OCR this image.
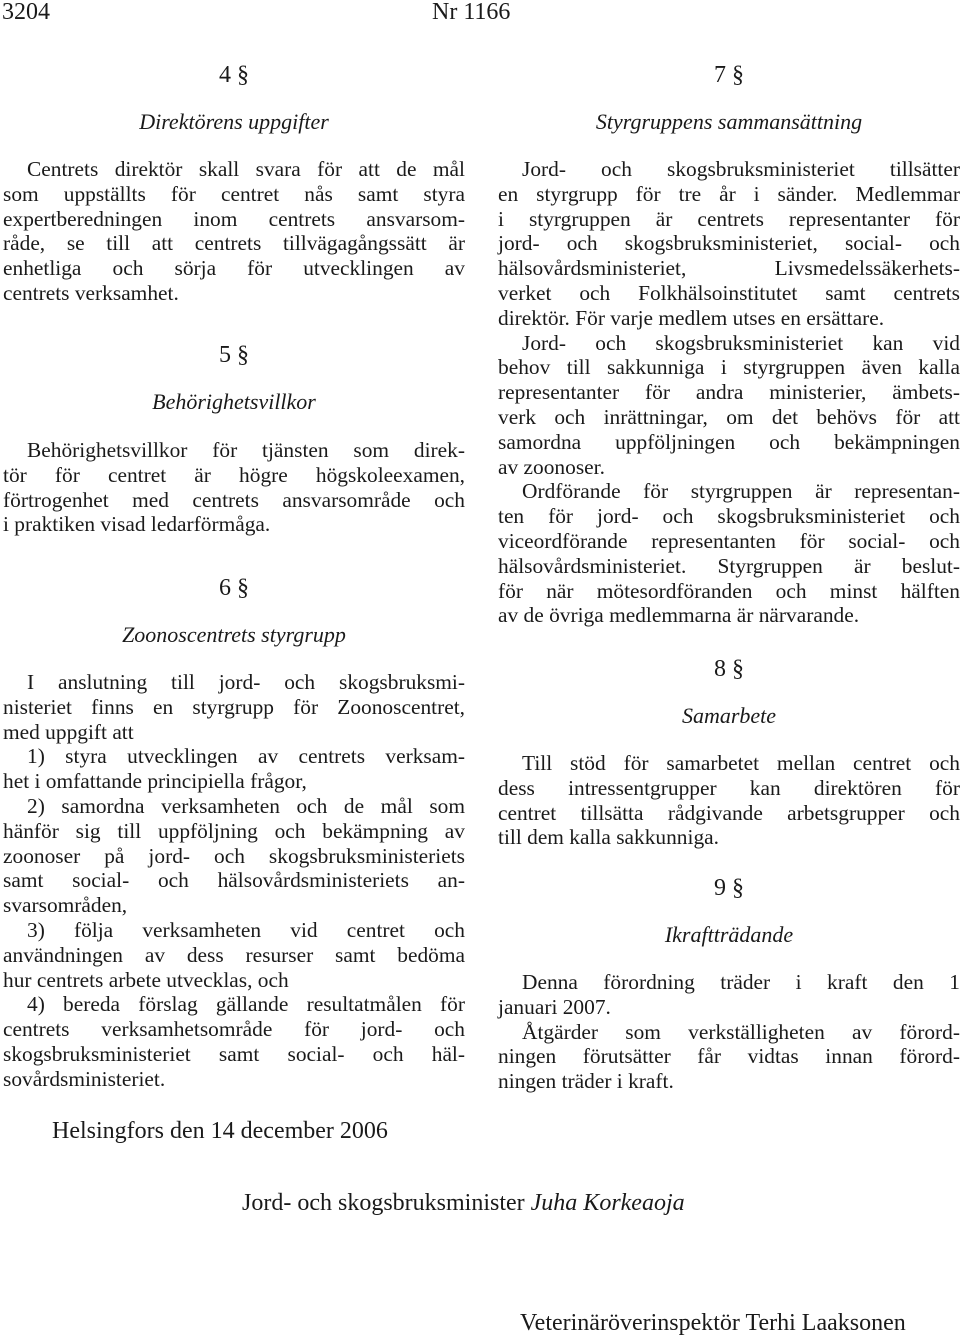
3204	Nr 1166
4 §
Direktörens uppgifter
Centrets direktör skall svara för att de mål
som uppställts för centret nås samt styra
expertberedningen inom centrets ansvarsom-
råde, se till att centrets tillvägagångssätt är
enhetliga och sörja för utvecklingen av
centrets verksamhet.
5 §
Behörighetsvillkor
Behörighetsvillkor för tjänsten som direk-
tör för centret är högre högskoleexamen,
förtrogenhet med centrets ansvarsområde och
i praktiken visad ledarförmåga.
6 §
Zoonoscentrets styrgrupp
I anslutning till jord- och skogsbruksmi-
nisteriet finns en styrgrupp för Zoonoscentret,
med uppgift att
1) styra utvecklingen av centrets verksam-
het i omfattande principiella frågor,
2) samordna verksamheten och de mål som
hänför sig till uppföljning och bekämpning av
zoonoser på jord- och skogsbruksministeriets
samt social- och hälsovårdsministeriets an-
svarsområden,
3) följa verksamheten vid centret och
användningen av dess resurser samt bedöma
hur centrets arbete utvecklas, och
4) bereda förslag gällande resultatmålen för
centrets verksamhetsområde för jord- och
skogsbruksministeriet samt social- och häl-
sovårdsministeriet.
7 §
Styrgruppens sammansättning
Jord- och skogsbruksministeriet tillsätter
en styrgrupp för tre år i sänder. Medlemmar
i styrgruppen är centrets representanter för
jord- och skogsbruksministeriet, social- och
hälsovårdsministeriet, Livsmedelssäkerhets-
verket och Folkhälsoinstitutet samt centrets
direktör. För varje medlem utses en ersättare.
Jord- och skogsbruksministeriet kan vid
behov till sakkunniga i styrgruppen även kalla
representanter för andra ministerier, ämbets-
verk och inrättningar, om det behövs för att
samordna uppföljningen och bekämpningen
av zoonoser.
Ordförande för styrgruppen är representan-
ten för jord- och skogsbruksministeriet och
viceordförande representanten för social- och
hälsovårdsministeriet. Styrgruppen är beslut-
för när mötesordföranden och minst hälften
av de övriga medlemmarna är närvarande.
8 §
Samarbete
Till stöd för samarbetet mellan centret och
dess intressentgrupper kan direktören för
centret tillsätta rådgivande arbetsgrupper och
till dem kalla sakkunniga.
9 §
Ikraftträdande
Denna förordning träder i kraft den 1
januari 2007.
Åtgärder som verkställigheten av förord-
ningen förutsätter får vidtas innan förord-
ningen träder i kraft.
Helsingfors den 14 december 2006
Jord- och skogsbruksminister Juha Korkeaoja
Veterinäröverinspektör Terhi Laaksonen
